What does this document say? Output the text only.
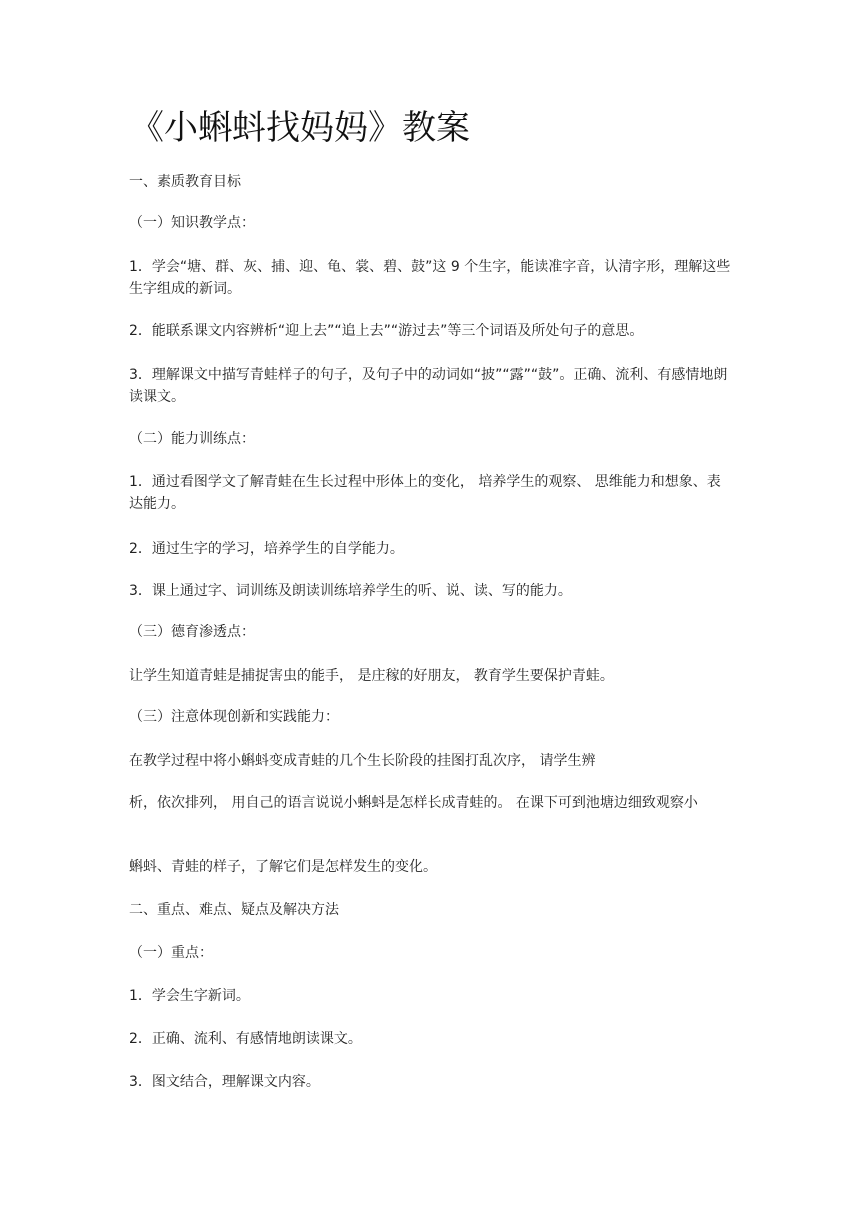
《小蝌蚪找妈妈》教案
一、素质教育目标
（一）知识教学点：
1．学会“塘、群、灰、捕、迎、龟、裳、碧、鼓”这 9 个生字，能读准字音，认清字形，理解这些生字组成的新词。
2．能联系课文内容辨析“迎上去”“追上去”“游过去”等三个词语及所处句子的意思。
3．理解课文中描写青蛙样子的句子，及句子中的动词如“披”“露”“鼓”。正确、流利、有感情地朗读课文。
（二）能力训练点：
1．通过看图学文了解青蛙在生长过程中形体上的变化， 培养学生的观察、 思维能力和想象、表达能力。
2．通过生字的学习，培养学生的自学能力。
3．课上通过字、词训练及朗读训练培养学生的听、说、读、写的能力。
（三）德育渗透点：
让学生知道青蛙是捕捉害虫的能手， 是庄稼的好朋友， 教育学生要保护青蛙。
（三）注意体现创新和实践能力：
在教学过程中将小蝌蚪变成青蛙的几个生长阶段的挂图打乱次序， 请学生辨
析，依次排列， 用自己的语言说说小蝌蚪是怎样长成青蛙的。 在课下可到池塘边细致观察小
蝌蚪、青蛙的样子，了解它们是怎样发生的变化。
二、重点、难点、疑点及解决方法
（一）重点：
1．学会生字新词。
2．正确、流利、有感情地朗读课文。
3．图文结合，理解课文内容。
